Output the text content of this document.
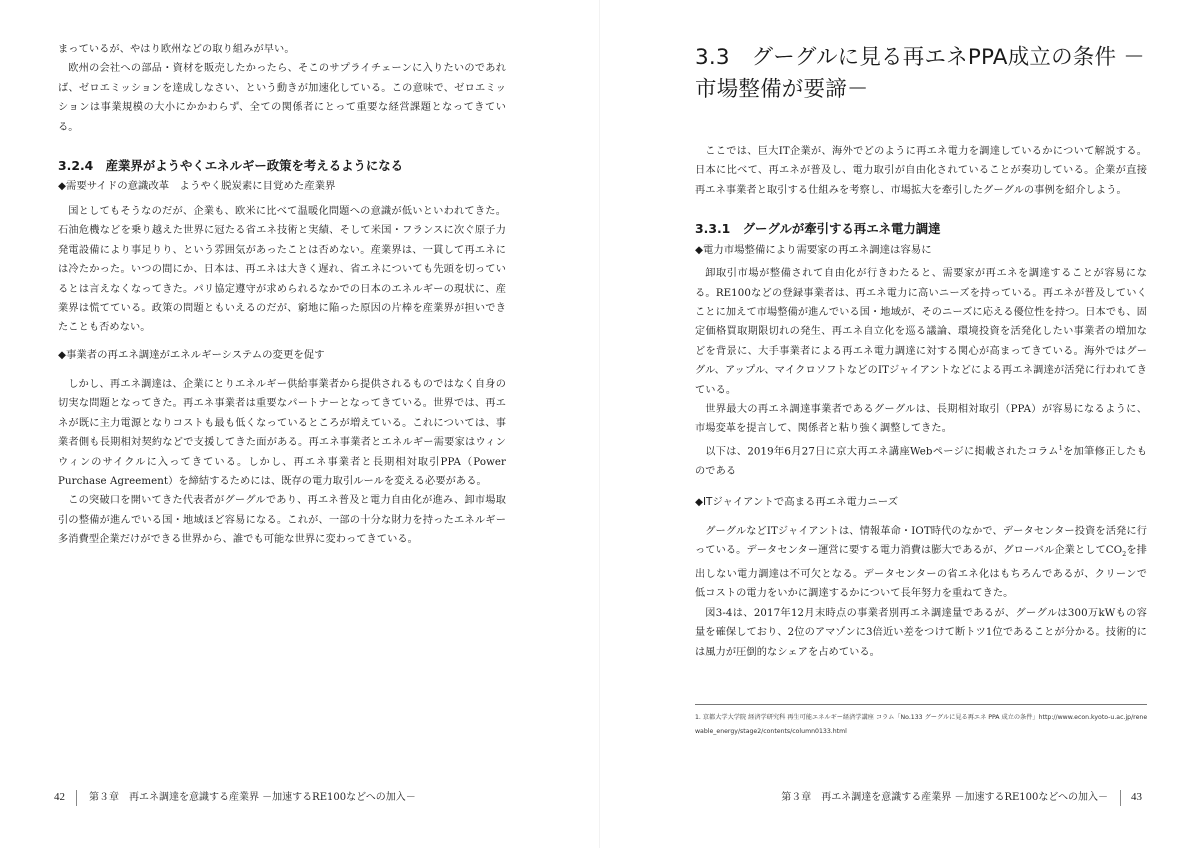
まっているが、やはり欧州などの取り組みが早い。

欧州の会社への部品・資材を販売したかったら、そこのサプライチェーンに入りたいのであれば、ゼロエミッションを達成しなさい、という動きが加速化している。この意味で、ゼロエミッションは事業規模の大小にかかわらず、全ての関係者にとって重要な経営課題となってきている。

3.2.4　産業界がようやくエネルギー政策を考えるようになる

◆需要サイドの意識改革　ようやく脱炭素に目覚めた産業界

国としてもそうなのだが、企業も、欧米に比べて温暖化問題への意識が低いといわれてきた。石油危機などを乗り越えた世界に冠たる省エネ技術と実績、そして米国・フランスに次ぐ原子力発電設備により事足りり、という雰囲気があったことは否めない。産業界は、一貫して再エネには冷たかった。いつの間にか、日本は、再エネは大きく遅れ、省エネについても先頭を切っているとは言えなくなってきた。パリ協定遵守が求められるなかでの日本のエネルギーの現状に、産業界は慌てている。政策の問題ともいえるのだが、窮地に陥った原因の片棒を産業界が担いできたことも否めない。

◆事業者の再エネ調達がエネルギーシステムの変更を促す

しかし、再エネ調達は、企業にとりエネルギー供給事業者から提供されるものではなく自身の切実な問題となってきた。再エネ事業者は重要なパートナーとなってきている。世界では、再エネが既に主力電源となりコストも最も低くなっているところが増えている。これについては、事業者側も長期相対契約などで支援してきた面がある。再エネ事業者とエネルギー需要家はウィンウィンのサイクルに入ってきている。しかし、再エネ事業者と長期相対取引PPA（Power Purchase Agreement）を締結するためには、既存の電力取引ルールを変える必要がある。

この突破口を開いてきた代表者がグーグルであり、再エネ普及と電力自由化が進み、卸市場取引の整備が進んでいる国・地域ほど容易になる。これが、一部の十分な財力を持ったエネルギー多消費型企業だけができる世界から、誰でも可能な世界に変わってきている。

42 第３章　再エネ調達を意識する産業界 －加速するRE100などへの加入－
3.3　グーグルに見る再エネPPA成立の条件 －
市場整備が要諦－

ここでは、巨大IT企業が、海外でどのように再エネ電力を調達しているかについて解説する。日本に比べて、再エネが普及し、電力取引が自由化されていることが奏功している。企業が直接再エネ事業者と取引する仕組みを考察し、市場拡大を牽引したグーグルの事例を紹介しよう。

3.3.1　グーグルが牽引する再エネ電力調達

◆電力市場整備により需要家の再エネ調達は容易に

卸取引市場が整備されて自由化が行きわたると、需要家が再エネを調達することが容易になる。RE100などの登録事業者は、再エネ電力に高いニーズを持っている。再エネが普及していくことに加えて市場整備が進んでいる国・地域が、そのニーズに応える優位性を持つ。日本でも、固定価格買取期限切れの発生、再エネ自立化を巡る議論、環境投資を活発化したい事業者の増加などを背景に、大手事業者による再エネ電力調達に対する関心が高まってきている。海外ではグーグル、アップル、マイクロソフトなどのITジャイアントなどによる再エネ調達が活発に行われてきている。

世界最大の再エネ調達事業者であるグーグルは、長期相対取引（PPA）が容易になるように、市場変革を提言して、関係者と粘り強く調整してきた。

以下は、2019年6月27日に京大再エネ講座Webページに掲載されたコラム$^1$を加筆修正したものである

◆ITジャイアントで高まる再エネ電力ニーズ

グーグルなどITジャイアントは、情報革命・IOT時代のなかで、データセンター投資を活発に行っている。データセンター運営に要する電力消費は膨大であるが、グローバル企業として$CO_2$を排出しない電力調達は不可欠となる。データセンターの省エネ化はもちろんであるが、クリーンで低コストの電力をいかに調達するかについて長年努力を重ねてきた。

図3-4は、2017年12月末時点の事業者別再エネ調達量であるが、グーグルは300万kWもの容量を確保しており、2位のアマゾンに3倍近い差をつけて断トツ1位であることが分かる。技術的には風力が圧倒的なシェアを占めている。

1. 京都大学大学院 経済学研究科 再生可能エネルギー経済学講座 コラム「No.133 グーグルに見る再エネ PPA 成立の条件」http://www.econ.kyoto-u.ac.jp/renewable_energy/stage2/contents/column0133.html
第３章　再エネ調達を意識する産業界 －加速するRE100などへの加入－ 43
